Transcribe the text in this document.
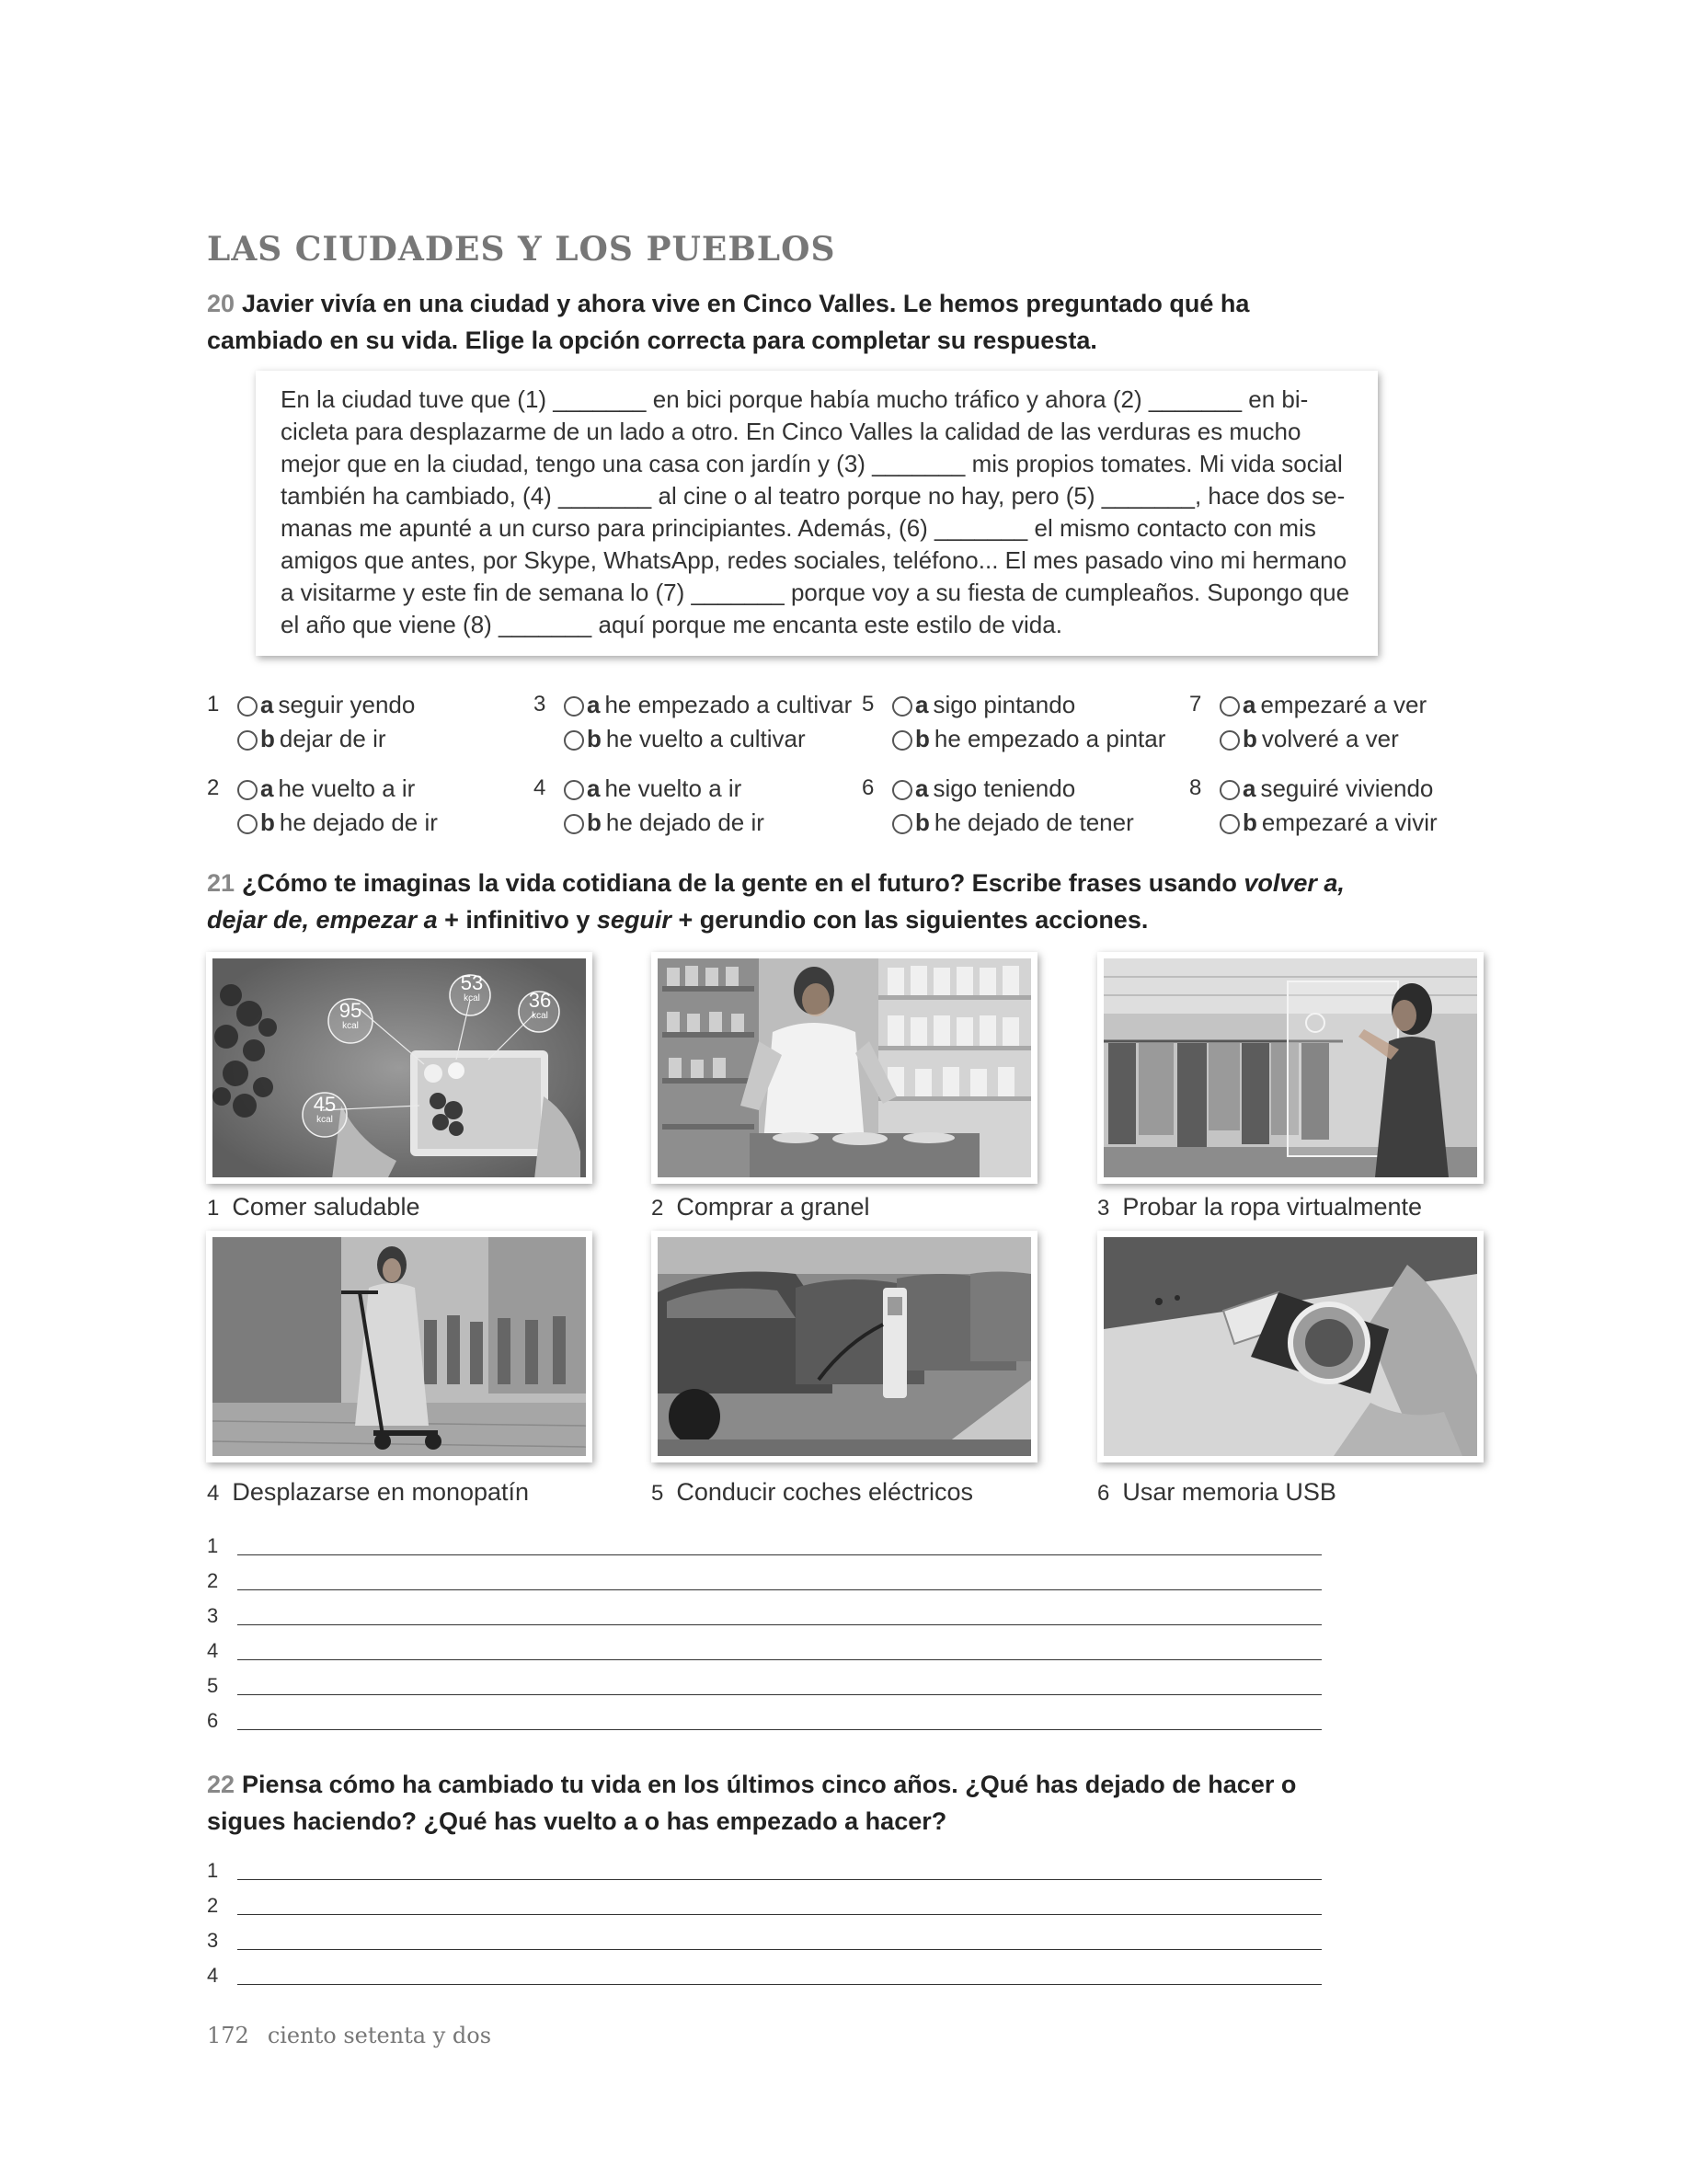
LAS CIUDADES Y LOS PUEBLOS
20 Javier vivía en una ciudad y ahora vive en Cinco Valles. Le hemos preguntado qué ha
cambiado en su vida. Elige la opción correcta para completar su respuesta.

En la ciudad tuve que (1) _______ en bici porque había mucho tráfico y ahora (2) _______ en bi-

cicleta para desplazarme de un lado a otro. En Cinco Valles la calidad de las verduras es mucho

mejor que en la ciudad, tengo una casa con jardín y (3) _______ mis propios tomates. Mi vida social

también ha cambiado, (4) _______ al cine o al teatro porque no hay, pero (5) _______, hace dos se-

manas me apunté a un curso para principiantes. Además, (6) _______ el mismo contacto con mis

amigos que antes, por Skype, WhatsApp, redes sociales, teléfono... El mes pasado vino mi hermano

a visitarme y este fin de semana lo (7) _______ porque voy a su fiesta de cumpleaños. Supongo que

el año que viene (8) _______ aquí porque me encanta este estilo de vida.

1	a seguir yendo
b dejar de ir
2	a he vuelto a ir
b he dejado de ir
3	a he empezado a cultivar
b he vuelto a cultivar
4	a he vuelto a ir
b he dejado de ir
5	a sigo pintando
b he empezado a pintar
6	a sigo teniendo
b he dejado de tener
7	a empezaré a ver
b volveré a ver
8	a seguiré viviendo
b empezaré a vivir
21 ¿Cómo te imaginas la vida cotidiana de la gente en el futuro? Escribe frases usando volver a,
dejar de, empezar a + infinitivo y seguir + gerundio con las siguientes acciones.
53
kcal 36
kcal
95
kcal
45
kcal
1 Comer saludable	2 Comprar a granel	3 Probar la ropa virtualmente
4 Desplazarse en monopatín	5 Conducir coches eléctricos	6 Usar memoria USB
1
2
3
4
5
6
22 Piensa cómo ha cambiado tu vida en los últimos cinco años. ¿Qué has dejado de hacer o
sigues haciendo? ¿Qué has vuelto a o has empezado a hacer?
1
2
3
4
172 ciento setenta y dos
